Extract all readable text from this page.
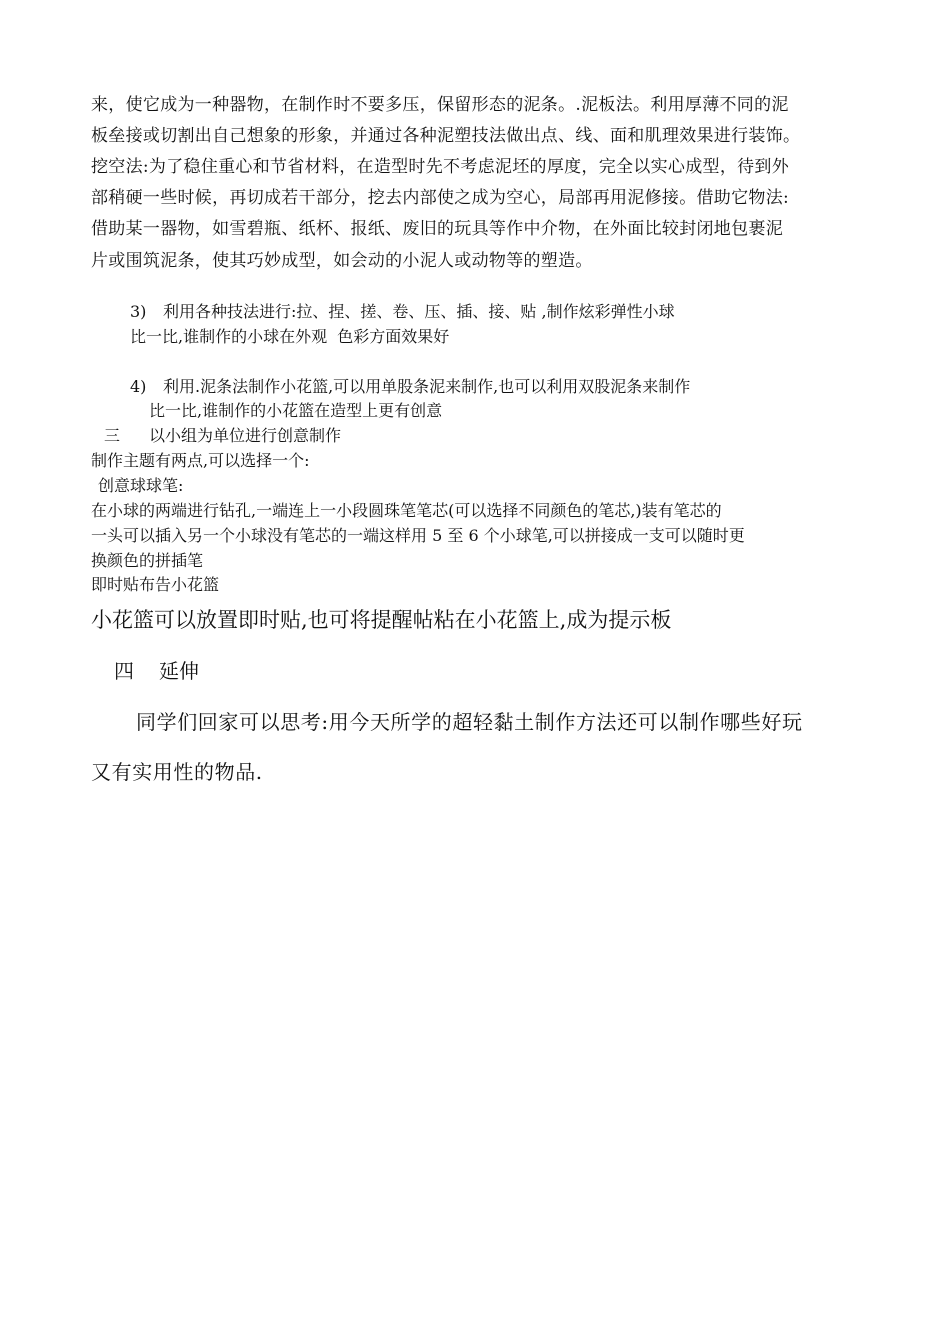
来，使它成为一种器物，在制作时不要多压，保留形态的泥条。.泥板法。利用厚薄不同的泥
板垒接或切割出自己想象的形象，并通过各种泥塑技法做出点、线、面和肌理效果进行装饰。
挖空法:为了稳住重心和节省材料，在造型时先不考虑泥坯的厚度，完全以实心成型，待到外
部稍硬一些时候，再切成若干部分，挖去内部使之成为空心，局部再用泥修接。借助它物法:
借助某一器物，如雪碧瓶、纸杯、报纸、废旧的玩具等作中介物，在外面比较封闭地包裹泥
片或围筑泥条，使其巧妙成型，如会动的小泥人或动物等的塑造。
3) 利用各种技法进行:拉、捏、搓、卷、压、插、接、贴 ,制作炫彩弹性小球
比一比,谁制作的小球在外观  色彩方面效果好
4) 利用.泥条法制作小花篮,可以用单股条泥来制作,也可以利用双股泥条来制作
比一比,谁制作的小花篮在造型上更有创意
三 以小组为单位进行创意制作
制作主题有两点,可以选择一个:
创意球球笔:
在小球的两端进行钻孔,一端连上一小段圆珠笔笔芯(可以选择不同颜色的笔芯,)装有笔芯的
一头可以插入另一个小球没有笔芯的一端这样用 5 至 6 个小球笔,可以拼接成一支可以随时更
换颜色的拼插笔
即时贴布告小花篮
小花篮可以放置即时贴,也可将提醒帖粘在小花篮上,成为提示板
四 延伸
同学们回家可以思考:用今天所学的超轻黏土制作方法还可以制作哪些好玩
又有实用性的物品.
